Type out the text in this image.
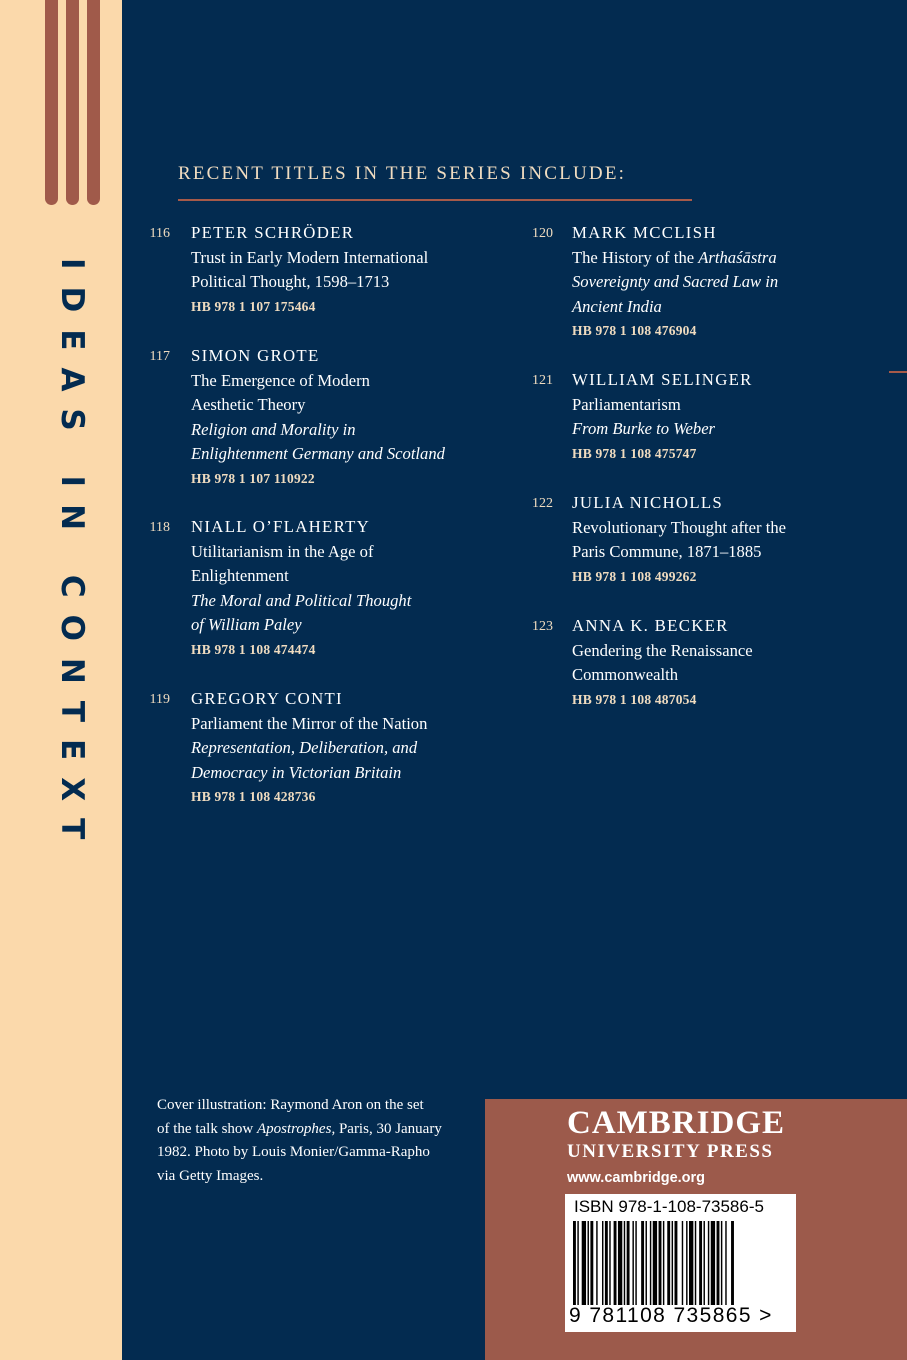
IDEAS IN CONTEXT
RECENT TITLES IN THE SERIES INCLUDE:
116 PETER SCHRÖDER
Trust in Early Modern International
Political Thought, 1598–1713
HB 978 1 107 175464
117 SIMON GROTE
The Emergence of Modern
Aesthetic Theory
Religion and Morality in
Enlightenment Germany and Scotland
HB 978 1 107 110922
118 NIALL O’FLAHERTY
Utilitarianism in the Age of
Enlightenment
The Moral and Political Thought
of William Paley
HB 978 1 108 474474
119 GREGORY CONTI
Parliament the Mirror of the Nation
Representation, Deliberation, and
Democracy in Victorian Britain
HB 978 1 108 428736
120 MARK MCCLISH
The History of the Arthaśāstra
Sovereignty and Sacred Law in
Ancient India
HB 978 1 108 476904
121 WILLIAM SELINGER
Parliamentarism
From Burke to Weber
HB 978 1 108 475747
122 JULIA NICHOLLS
Revolutionary Thought after the
Paris Commune, 1871–1885
HB 978 1 108 499262
123 ANNA K. BECKER
Gendering the Renaissance
Commonwealth
HB 978 1 108 487054
Cover illustration: Raymond Aron on the set
of the talk show Apostrophes, Paris, 30 January
1982. Photo by Louis Monier/Gamma-Rapho
via Getty Images.
CAMBRIDGE
UNIVERSITY PRESS
www.cambridge.org
ISBN 978-1-108-73586-5
9 781108 735865 >
